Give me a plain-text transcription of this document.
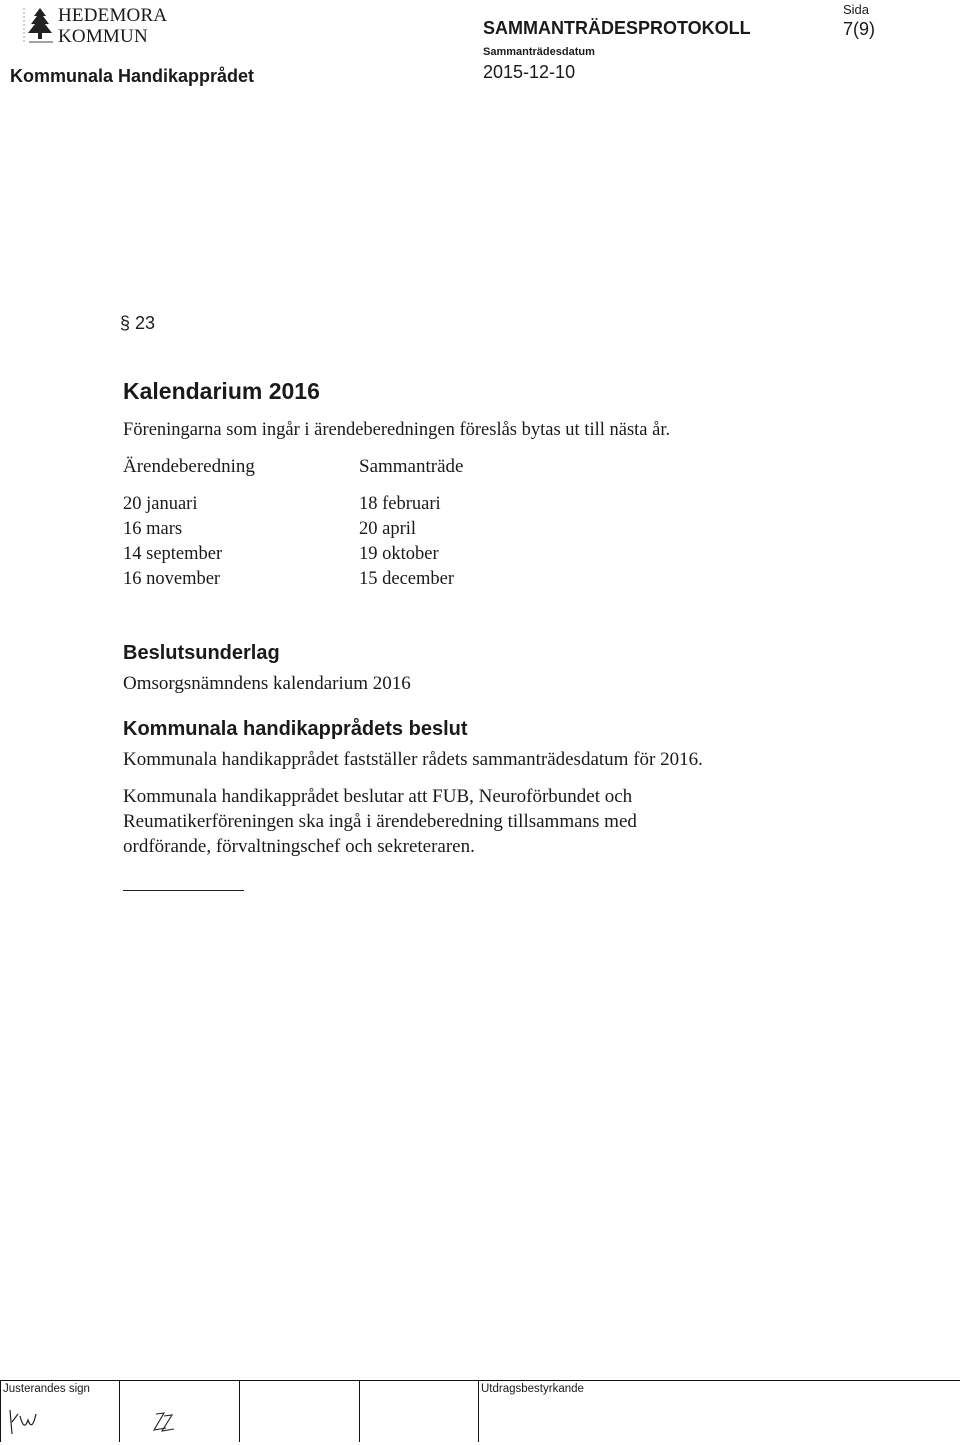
HEDEMORA
KOMMUN
Kommunala Handikapprådet
SAMMANTRÄDESPROTOKOLL
Sammanträdesdatum
2015-12-10
Sida
7(9)
§ 23
Kalendarium 2016
Föreningarna som ingår i ärendeberedningen föreslås bytas ut till nästa år.
Ärendeberedning	Sammanträde
20 januari	18 februari
16 mars	20 april
14 september	19 oktober
16 november	15 december
Beslutsunderlag
Omsorgsnämndens kalendarium 2016
Kommunala handikapprådets beslut
Kommunala handikapprådet fastställer rådets sammanträdesdatum för 2016.
Kommunala handikapprådet beslutar att FUB, Neuroförbundet och
Reumatikerföreningen ska ingå i ärendeberedning tillsammans med
ordförande, förvaltningschef och sekreteraren.
Justerandes sign	Utdragsbestyrkande
